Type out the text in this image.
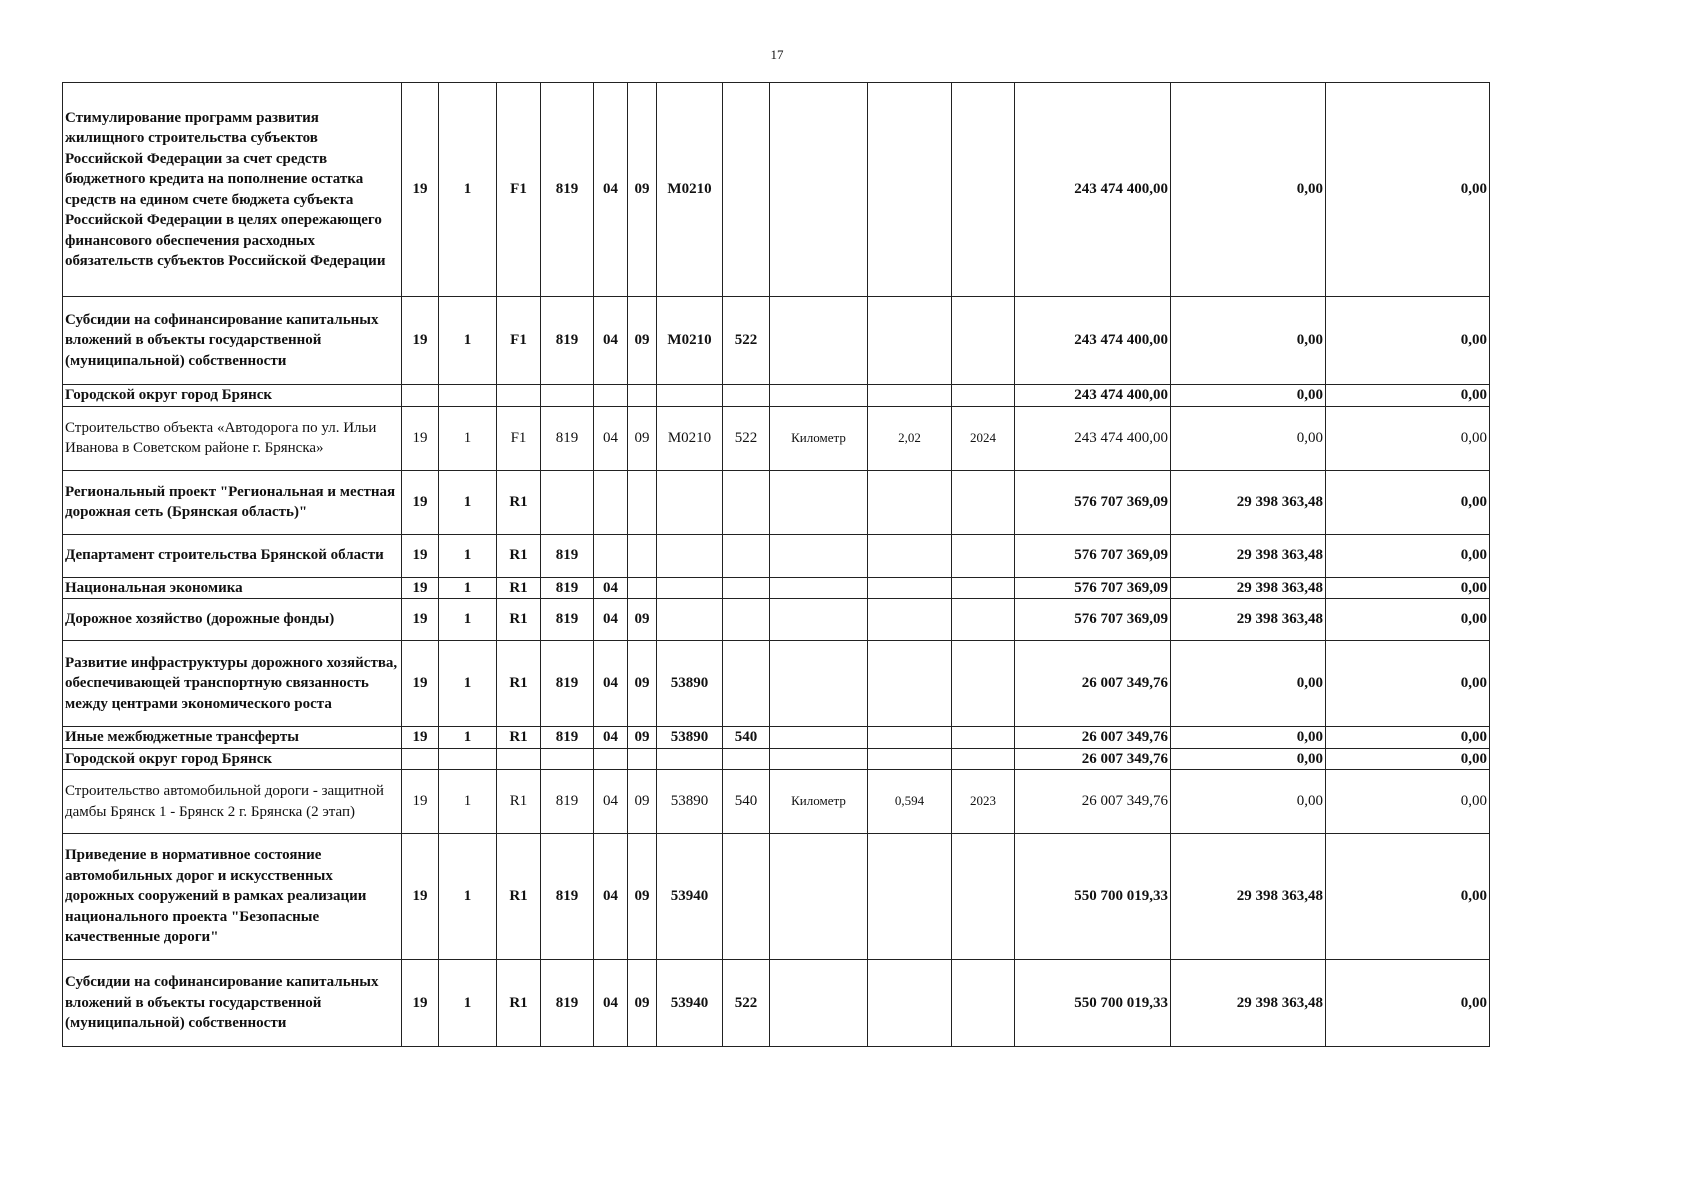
17
Стимулирование программ развития жилищного строительства субъектов Российской Федерации за счет средств бюджетного кредита на пополнение остатка средств на едином счете бюджета субъекта Российской Федерации в целях опережающего финансового обеспечения расходных обязательств субъектов Российской Федерации	19	1	F1	819	04	09	M0210					243 474 400,00	0,00	0,00
Субсидии на софинансирование капитальных вложений в объекты государственной (муниципальной) собственности	19	1	F1	819	04	09	M0210	522				243 474 400,00	0,00	0,00
Городской округ город Брянск												243 474 400,00	0,00	0,00
Строительство объекта «Автодорога по ул. Ильи Иванова в Советском районе г. Брянска»	19	1	F1	819	04	09	M0210	522	Километр	2,02	2024	243 474 400,00	0,00	0,00
Региональный проект "Региональная и местная дорожная сеть (Брянская область)"	19	1	R1									576 707 369,09	29 398 363,48	0,00
Департамент строительства Брянской области	19	1	R1	819								576 707 369,09	29 398 363,48	0,00
Национальная экономика	19	1	R1	819	04							576 707 369,09	29 398 363,48	0,00
Дорожное хозяйство (дорожные фонды)	19	1	R1	819	04	09						576 707 369,09	29 398 363,48	0,00
Развитие инфраструктуры дорожного хозяйства, обеспечивающей транспортную связанность между центрами экономического роста	19	1	R1	819	04	09	53890					26 007 349,76	0,00	0,00
Иные межбюджетные трансферты	19	1	R1	819	04	09	53890	540				26 007 349,76	0,00	0,00
Городской округ город Брянск												26 007 349,76	0,00	0,00
Строительство автомобильной дороги - защитной дамбы Брянск 1 - Брянск 2 г. Брянска (2 этап)	19	1	R1	819	04	09	53890	540	Километр	0,594	2023	26 007 349,76	0,00	0,00
Приведение в нормативное состояние автомобильных дорог и искусственных дорожных сооружений в рамках реализации национального проекта "Безопасные качественные дороги"	19	1	R1	819	04	09	53940					550 700 019,33	29 398 363,48	0,00
Субсидии на софинансирование капитальных вложений в объекты государственной (муниципальной) собственности	19	1	R1	819	04	09	53940	522				550 700 019,33	29 398 363,48	0,00
